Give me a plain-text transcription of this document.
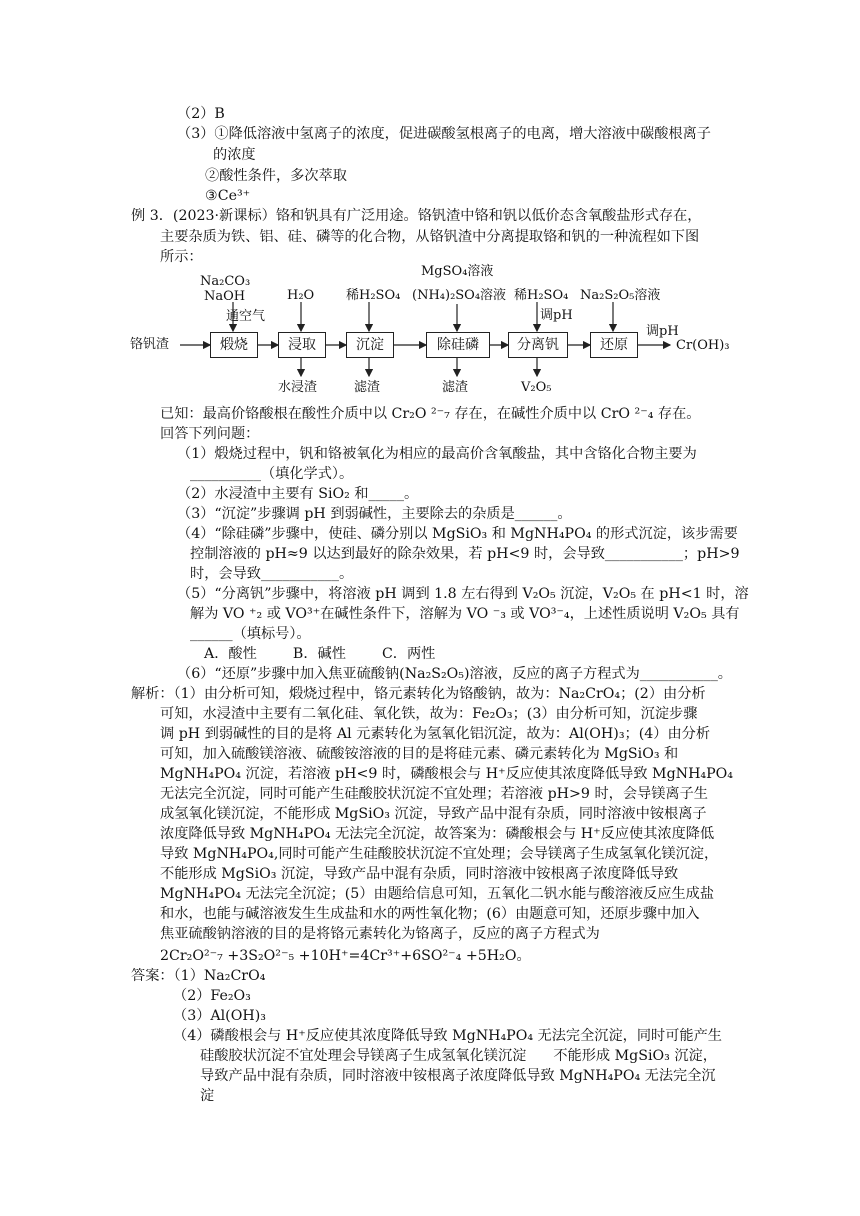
（2）B
（3）①降低溶液中氢离子的浓度，促进碳酸氢根离子的电离，增大溶液中碳酸根离子
的浓度
②酸性条件，多次萃取
③Ce³⁺
例 3．(2023·新课标）铬和钒具有广泛用途。铬钒渣中铬和钒以低价态含氧酸盐形式存在，
主要杂质为铁、铝、硅、磷等的化合物，从铬钒渣中分离提取铬和钒的一种流程如下图
所示：
铬钒渣	煅烧	浸取	沉淀	除硅磷	分离钒	还原
Na₂CO₃
NaOH	H₂O 稀H₂SO₄
MgSO₄溶液
(NH₄)₂SO₄溶液 稀H₂SO₄ Na₂S₂O₅溶液
通空气	调pH
调pH
Cr(OH)₃
水浸渣	滤渣	滤渣	V₂O₅
已知：最高价铬酸根在酸性介质中以 Cr₂O ²⁻₇ 存在，在碱性介质中以 CrO ²⁻₄ 存在。
回答下列问题：
（1）煅烧过程中，钒和铬被氧化为相应的最高价含氧酸盐，其中含铬化合物主要为
__________（填化学式）。
（2）水浸渣中主要有 SiO₂ 和_____。
（3）“沉淀”步骤调 pH 到弱碱性，主要除去的杂质是______。
（4）“除硅磷”步骤中，使硅、磷分别以 MgSiO₃ 和 MgNH₄PO₄ 的形式沉淀，该步需要
控制溶液的 pH≈9 以达到最好的除杂效果，若 pH<9 时，会导致___________；pH>9
时，会导致___________。
（5）“分离钒”步骤中，将溶液 pH 调到 1.8 左右得到 V₂O₅ 沉淀，V₂O₅ 在 pH<1 时，溶
解为 VO ⁺₂ 或 VO³⁺在碱性条件下，溶解为 VO ⁻₃ 或 VO³⁻₄，上述性质说明 V₂O₅ 具有
______（填标号）。
A．酸性        B．碱性        C．两性
（6）“还原”步骤中加入焦亚硫酸钠(Na₂S₂O₅)溶液，反应的离子方程式为___________。
解析：（1）由分析可知，煅烧过程中，铬元素转化为铬酸钠，故为：Na₂CrO₄；(2）由分析
可知，水浸渣中主要有二氧化硅、氧化铁，故为：Fe₂O₃；(3）由分析可知，沉淀步骤
调 pH 到弱碱性的目的是将 Al 元素转化为氢氧化铝沉淀，故为：Al(OH)₃；(4）由分析
可知，加入硫酸镁溶液、硫酸铵溶液的目的是将硅元素、磷元素转化为 MgSiO₃ 和
MgNH₄PO₄ 沉淀，若溶液 pH<9 时，磷酸根会与 H⁺反应使其浓度降低导致 MgNH₄PO₄
无法完全沉淀，同时可能产生硅酸胶状沉淀不宜处理；若溶液 pH>9 时，会导镁离子生
成氢氧化镁沉淀，不能形成 MgSiO₃ 沉淀，导致产品中混有杂质，同时溶液中铵根离子
浓度降低导致 MgNH₄PO₄ 无法完全沉淀，故答案为：磷酸根会与 H⁺反应使其浓度降低
导致 MgNH₄PO₄,同时可能产生硅酸胶状沉淀不宜处理；会导镁离子生成氢氧化镁沉淀，
不能形成 MgSiO₃ 沉淀，导致产品中混有杂质，同时溶液中铵根离子浓度降低导致
MgNH₄PO₄ 无法完全沉淀；(5）由题给信息可知，五氧化二钒水能与酸溶液反应生成盐
和水，也能与碱溶液发生生成盐和水的两性氧化物；(6）由题意可知，还原步骤中加入
焦亚硫酸钠溶液的目的是将铬元素转化为铬离子，反应的离子方程式为
2Cr₂O²⁻₇ +3S₂O²⁻₅ +10H⁺=4Cr³⁺+6SO²⁻₄ +5H₂O。
答案：（1）Na₂CrO₄
（2）Fe₂O₃
（3）Al(OH)₃
（4）磷酸根会与 H⁺反应使其浓度降低导致 MgNH₄PO₄ 无法完全沉淀，同时可能产生
硅酸胶状沉淀不宜处理会导镁离子生成氢氧化镁沉淀      不能形成 MgSiO₃ 沉淀，
导致产品中混有杂质，同时溶液中铵根离子浓度降低导致 MgNH₄PO₄ 无法完全沉
淀
